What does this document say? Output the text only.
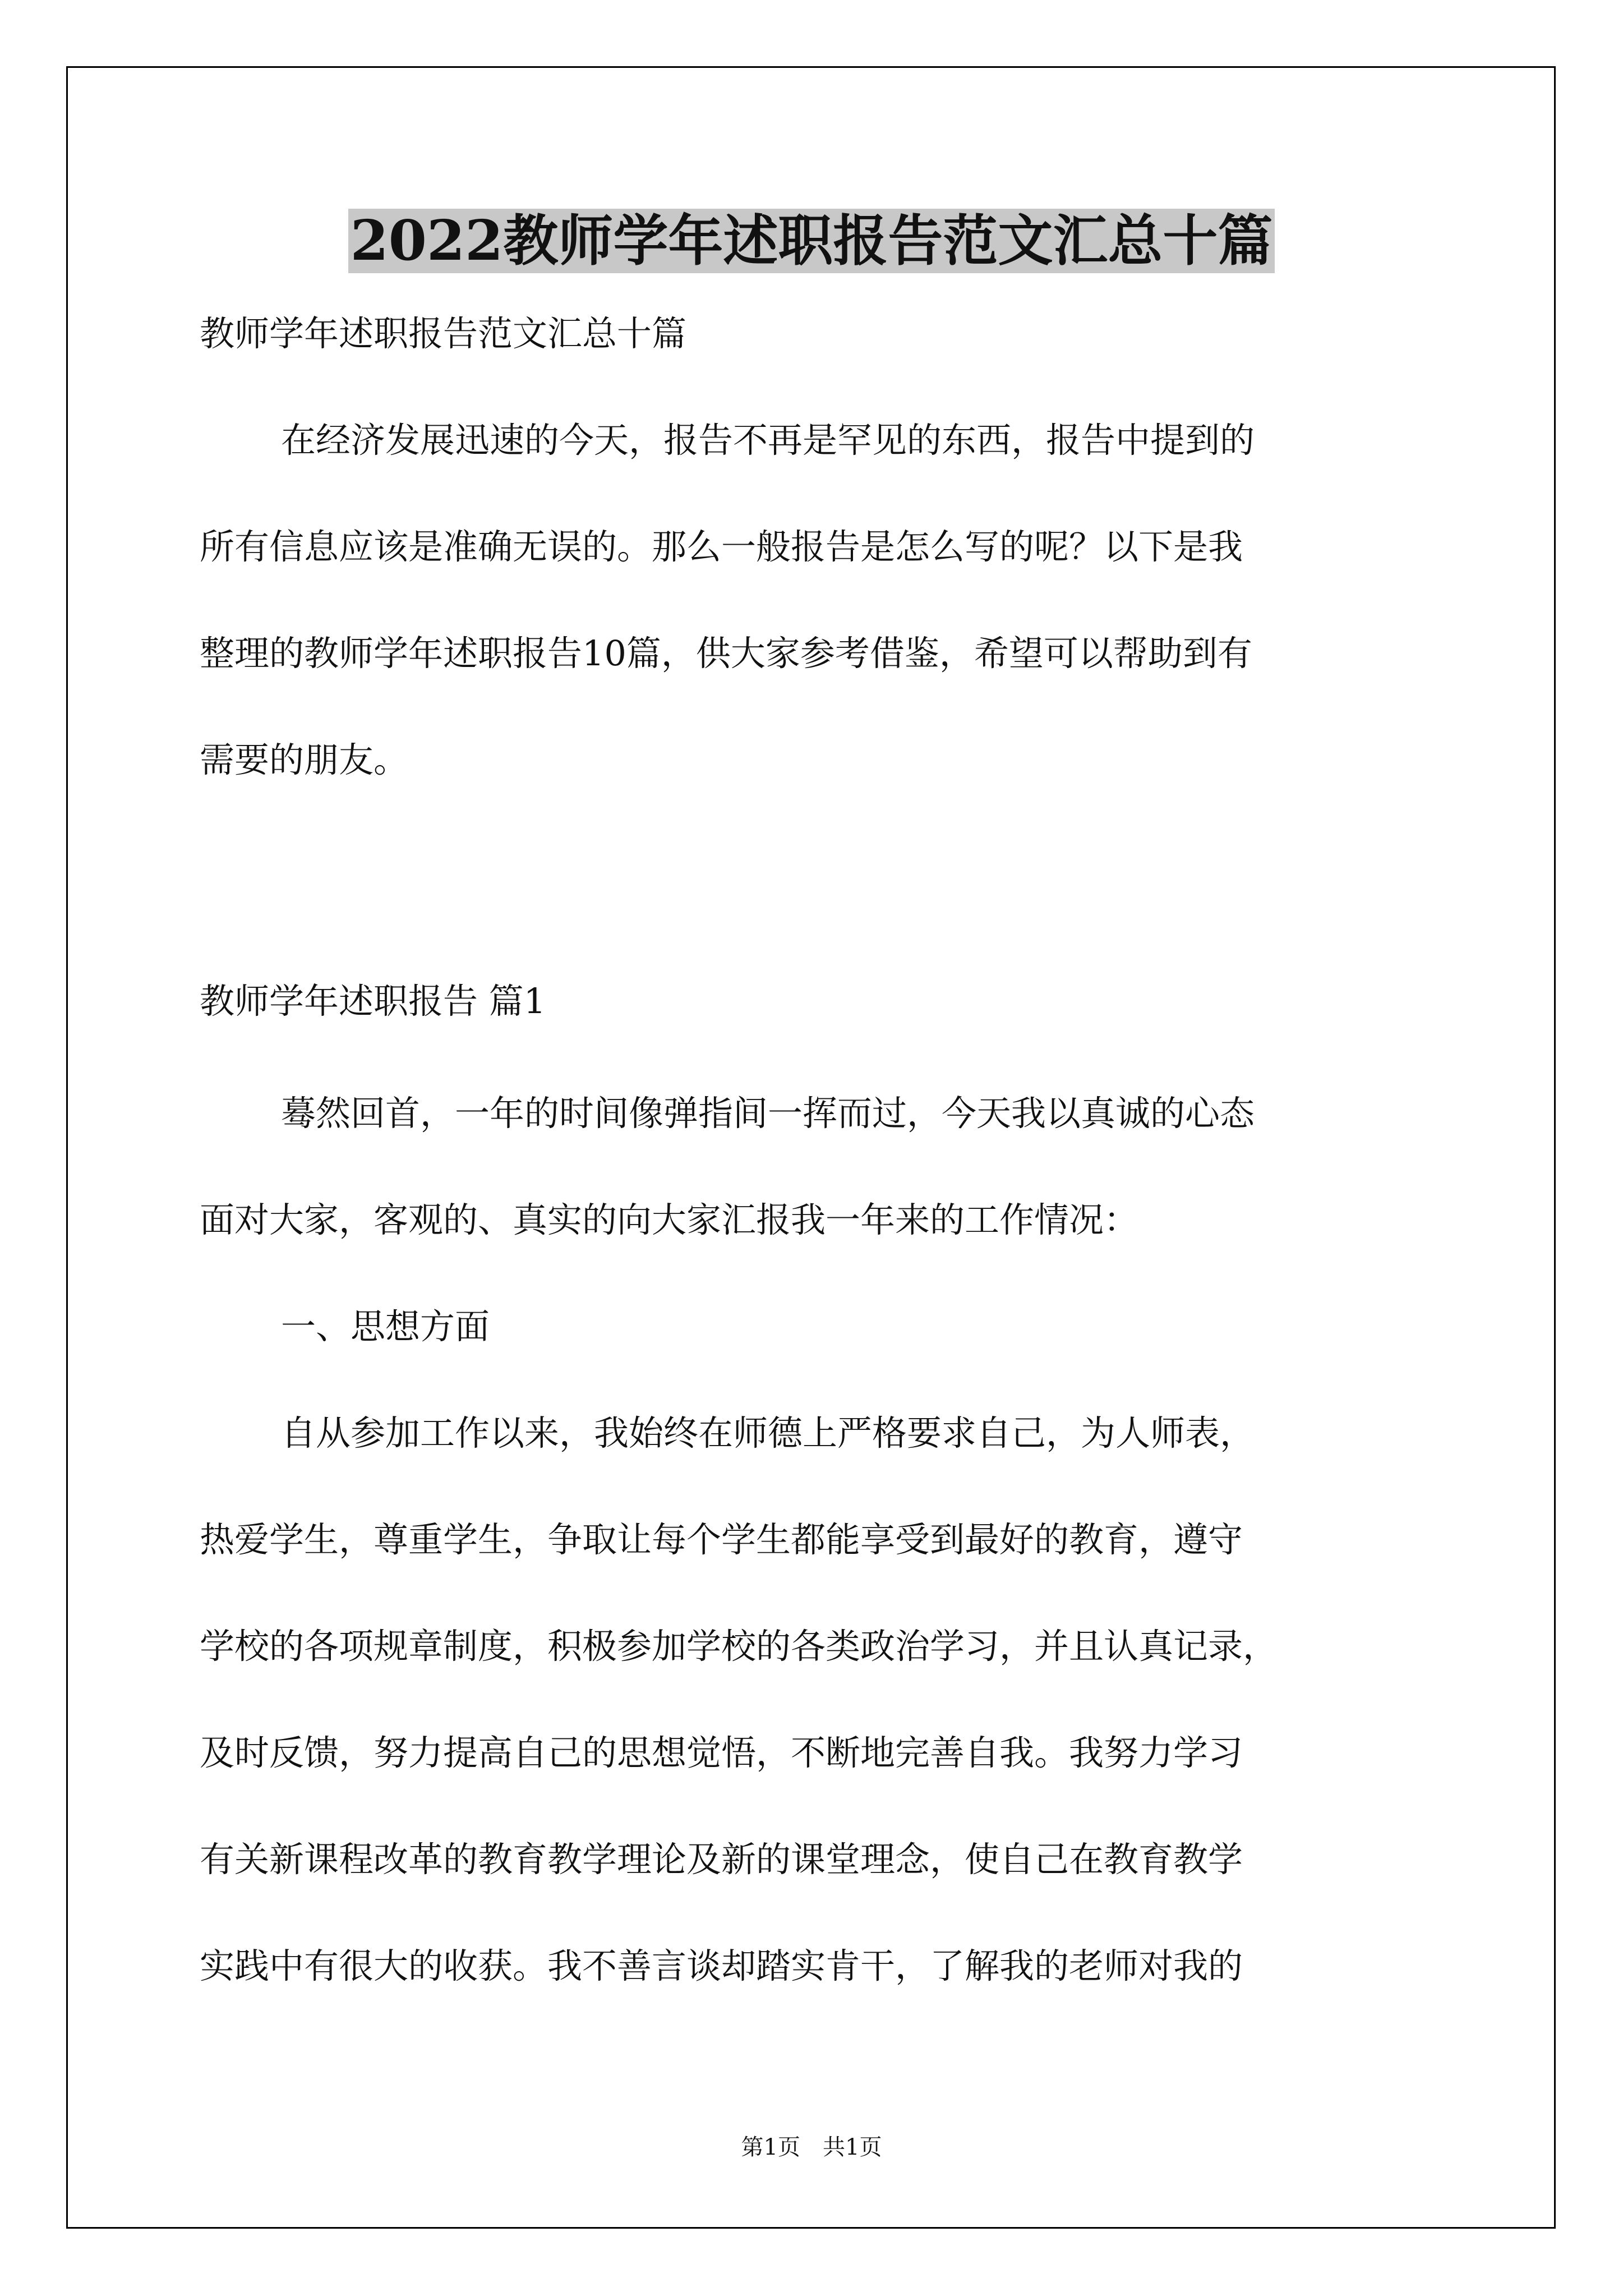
2022教师学年述职报告范文汇总十篇
教师学年述职报告范文汇总十篇
在经济发展迅速的今天，报告不再是罕见的东西，报告中提到的
所有信息应该是准确无误的。那么一般报告是怎么写的呢？以下是我
整理的教师学年述职报告10篇，供大家参考借鉴，希望可以帮助到有
需要的朋友。
教师学年述职报告 篇1
蓦然回首，一年的时间像弹指间一挥而过，今天我以真诚的心态
面对大家，客观的、真实的向大家汇报我一年来的工作情况：
一、思想方面
自从参加工作以来，我始终在师德上严格要求自己，为人师表，
热爱学生，尊重学生，争取让每个学生都能享受到最好的教育，遵守
学校的各项规章制度，积极参加学校的各类政治学习，并且认真记录，
及时反馈，努力提高自己的思想觉悟，不断地完善自我。我努力学习
有关新课程改革的教育教学理论及新的课堂理念，使自己在教育教学
实践中有很大的收获。我不善言谈却踏实肯干，了解我的老师对我的
第1页　共1页
